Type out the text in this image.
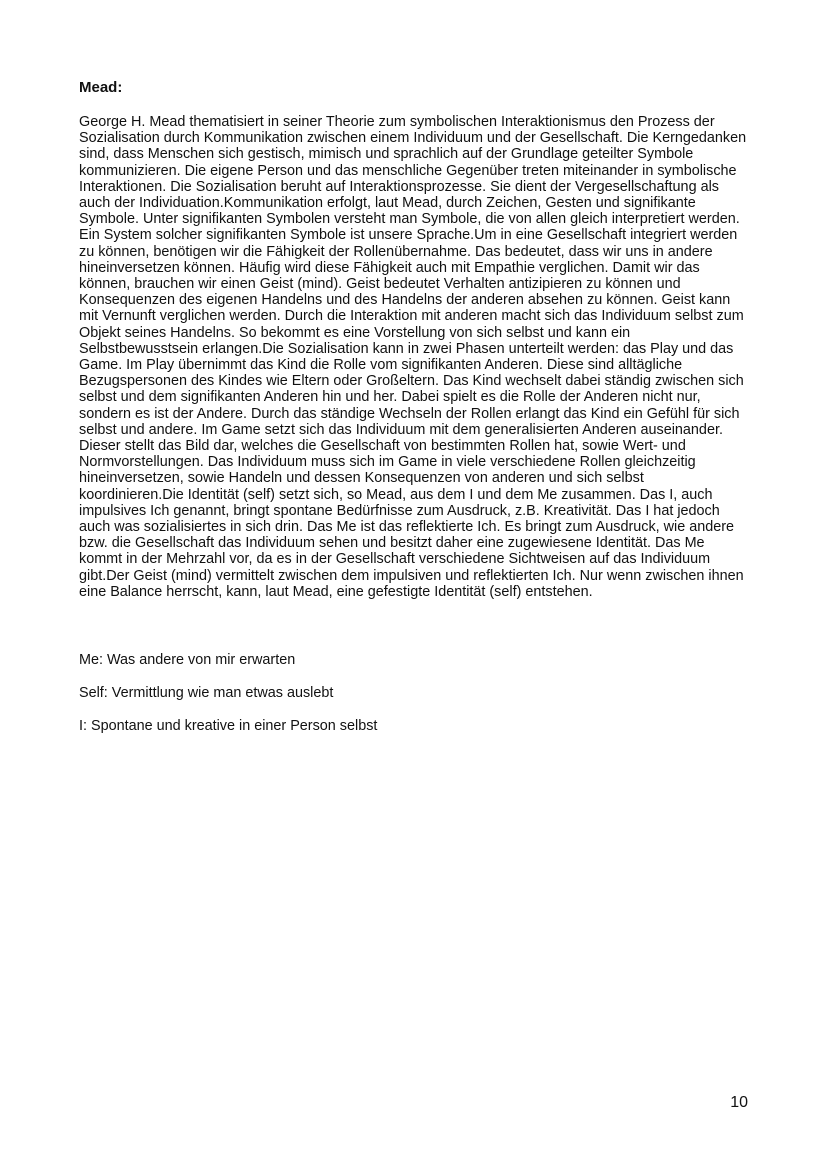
Mead:

George H. Mead thematisiert in seiner Theorie zum symbolischen Interaktionismus den Prozess der Sozialisation durch Kommunikation zwischen einem Individuum und der Gesellschaft. Die Kerngedanken sind, dass Menschen sich gestisch, mimisch und sprachlich auf der Grundlage geteilter Symbole kommunizieren. Die eigene Person und das menschliche Gegenüber treten miteinander in symbolische Interaktionen. Die Sozialisation beruht auf Interaktionsprozesse. Sie dient der Vergesellschaftung als auch der Individuation.Kommunikation erfolgt, laut Mead, durch Zeichen, Gesten und signifikante Symbole. Unter signifikanten Symbolen versteht man Symbole, die von allen gleich interpretiert werden. Ein System solcher signifikanten Symbole ist unsere Sprache.Um in eine Gesellschaft integriert werden zu können, benötigen wir die Fähigkeit der Rollenübernahme. Das bedeutet, dass wir uns in andere hineinversetzen können. Häufig wird diese Fähigkeit auch mit Empathie verglichen. Damit wir das können, brauchen wir einen Geist (mind). Geist bedeutet Verhalten antizipieren zu können und Konsequenzen des eigenen Handelns und des Handelns der anderen absehen zu können. Geist kann mit Vernunft verglichen werden. Durch die Interaktion mit anderen macht sich das Individuum selbst zum Objekt seines Handelns. So bekommt es eine Vorstellung von sich selbst und kann ein Selbstbewusstsein erlangen.Die Sozialisation kann in zwei Phasen unterteilt werden: das Play und das Game. Im Play übernimmt das Kind die Rolle vom signifikanten Anderen. Diese sind alltägliche Bezugspersonen des Kindes wie Eltern oder Großeltern. Das Kind wechselt dabei ständig zwischen sich selbst und dem signifikanten Anderen hin und her. Dabei spielt es die Rolle der Anderen nicht nur, sondern es ist der Andere. Durch das ständige Wechseln der Rollen erlangt das Kind ein Gefühl für sich selbst und andere. Im Game setzt sich das Individuum mit dem generalisierten Anderen auseinander. Dieser stellt das Bild dar, welches die Gesellschaft von bestimmten Rollen hat, sowie Wert- und Normvorstellungen. Das Individuum muss sich im Game in viele verschiedene Rollen gleichzeitig hineinversetzen, sowie Handeln und dessen Konsequenzen von anderen und sich selbst koordinieren.Die Identität (self) setzt sich, so Mead, aus dem I und dem Me zusammen. Das I, auch impulsives Ich genannt, bringt spontane Bedürfnisse zum Ausdruck, z.B. Kreativität. Das I hat jedoch auch was sozialisiertes in sich drin. Das Me ist das reflektierte Ich. Es bringt zum Ausdruck, wie andere bzw. die Gesellschaft das Individuum sehen und besitzt daher eine zugewiesene Identität. Das Me kommt in der Mehrzahl vor, da es in der Gesellschaft verschiedene Sichtweisen auf das Individuum gibt.Der Geist (mind) vermittelt zwischen dem impulsiven und reflektierten Ich. Nur wenn zwischen ihnen eine Balance herrscht, kann, laut Mead, eine gefestigte Identität (self) entstehen.

Me: Was andere von mir erwarten

Self: Vermittlung wie man etwas auslebt

I: Spontane und kreative in einer Person selbst

10
